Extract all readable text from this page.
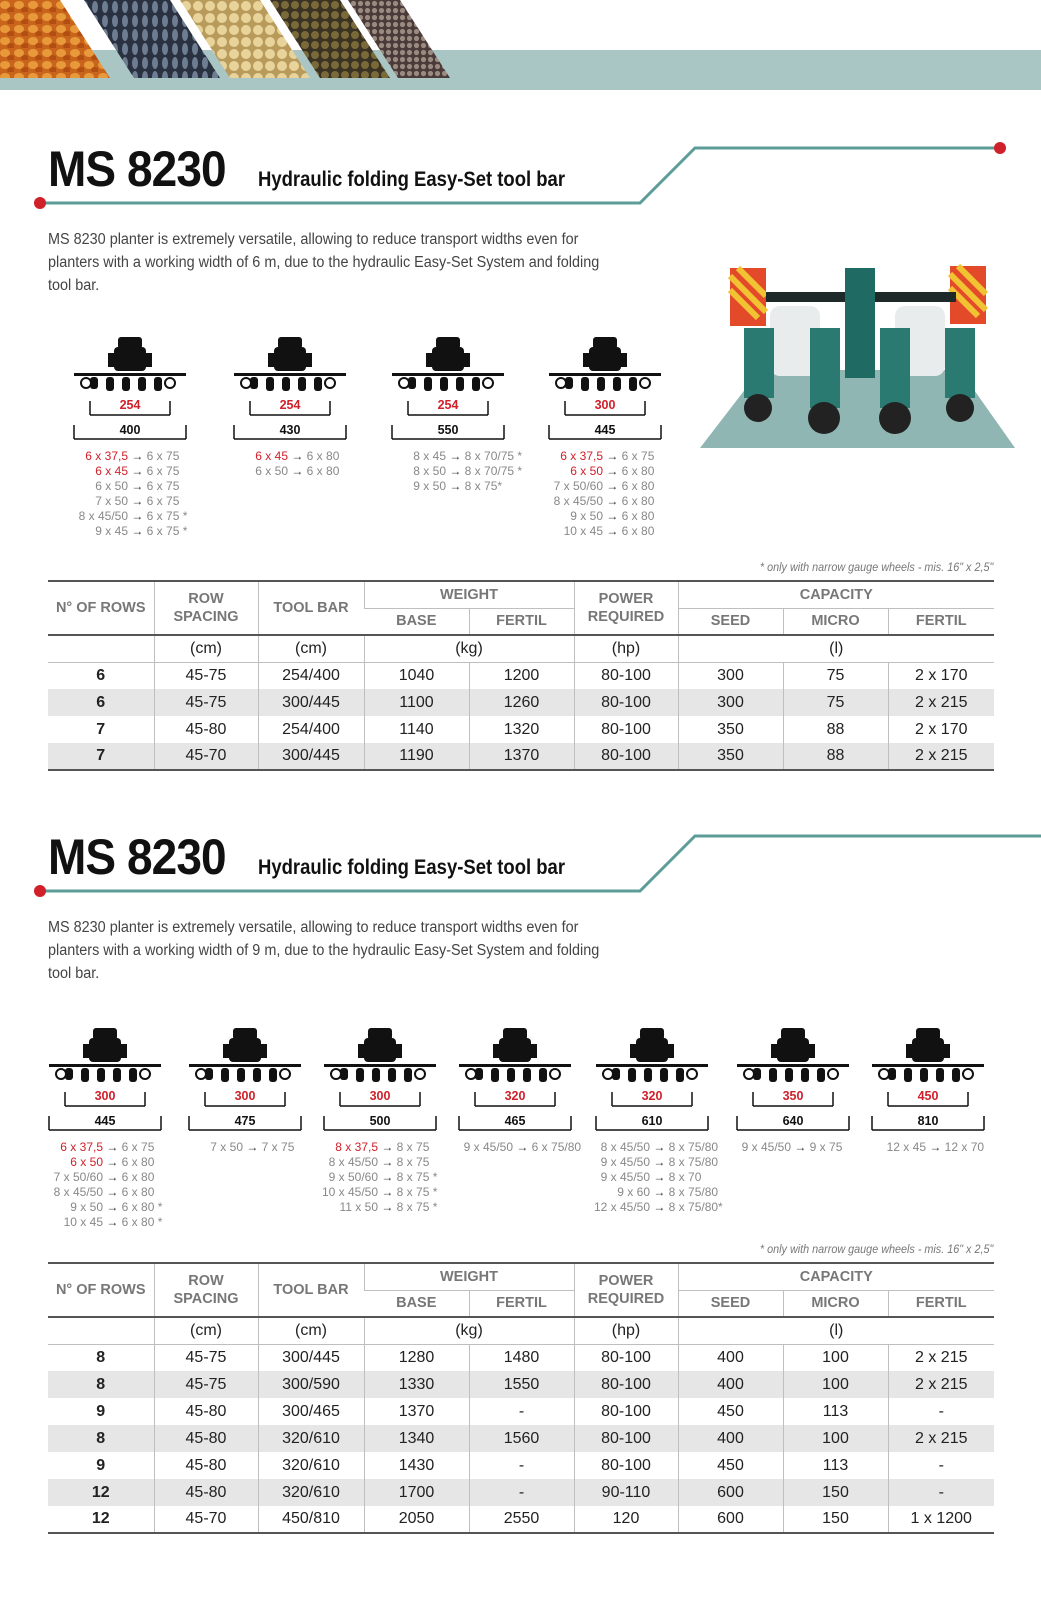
MS 8230 Hydraulic folding Easy-Set tool bar
MS 8230 planter is extremely versatile, allowing to reduce transport widths even for planters with a working width of 6 m, due to the hydraulic Easy-Set System and folding tool bar.
* only with narrow gauge wheels - mis. 16" x 2,5"
N° OF ROWS	ROW SPACING	TOOL BAR	WEIGHT		POWER REQUIRED	CAPACITY		
			BASE	FERTIL		SEED	MICRO	FERTIL
	(cm)	(cm)	(kg)		(hp)	(l)		
6	45-75	254/400	1040	1200	80-100	300	75	2 x 170
6	45-75	300/445	1100	1260	80-100	300	75	2 x 215
7	45-80	254/400	1140	1320	80-100	350	88	2 x 170
7	45-70	300/445	1190	1370	80-100	350	88	2 x 215
254
400
6 x 37,5 → 6 x 75
6 x 45 → 6 x 75
6 x 50 → 6 x 75
7 x 50 → 6 x 75
8 x 45/50 → 6 x 75 *
9 x 45 → 6 x 75 *
254
430
6 x 45 → 6 x 80
6 x 50 → 6 x 80
254
550
8 x 45 → 8 x 70/75 *
8 x 50 → 8 x 70/75 *
9 x 50 → 8 x 75*
300
445
6 x 37,5 → 6 x 75
6 x 50 → 6 x 80
7 x 50/60 → 6 x 80
8 x 45/50 → 6 x 80
9 x 50 → 6 x 80
10 x 45 → 6 x 80
MS 8230 Hydraulic folding Easy-Set tool bar
MS 8230 planter is extremely versatile, allowing to reduce transport widths even for planters with a working width of 9 m, due to the hydraulic Easy-Set System and folding tool bar.
* only with narrow gauge wheels - mis. 16" x 2,5"
N° OF ROWS	ROW SPACING	TOOL BAR	WEIGHT		POWER REQUIRED	CAPACITY		
			BASE	FERTIL		SEED	MICRO	FERTIL
	(cm)	(cm)	(kg)		(hp)	(l)		
8	45-75	300/445	1280	1480	80-100	400	100	2 x 215
8	45-75	300/590	1330	1550	80-100	400	100	2 x 215
9	45-80	300/465	1370	-	80-100	450	113	-
8	45-80	320/610	1340	1560	80-100	400	100	2 x 215
9	45-80	320/610	1430	-	80-100	450	113	-
12	45-80	320/610	1700	-	90-110	600	150	-
12	45-70	450/810	2050	2550	120	600	150	1 x 1200
300
445
6 x 37,5 → 6 x 75
6 x 50 → 6 x 80
7 x 50/60 → 6 x 80
8 x 45/50 → 6 x 80
9 x 50 → 6 x 80 *
10 x 45 → 6 x 80 *
300
475
7 x 50 → 7 x 75
300
500
8 x 37,5 → 8 x 75
8 x 45/50 → 8 x 75
9 x 50/60 → 8 x 75 *
10 x 45/50 → 8 x 75 *
11 x 50 → 8 x 75 *
320
465
9 x 45/50 → 6 x 75/80
320
610
8 x 45/50 → 8 x 75/80
9 x 45/50 → 8 x 75/80
9 x 45/50 → 8 x 70
9 x 60 → 8 x 75/80
12 x 45/50 → 8 x 75/80*
350
640
9 x 45/50 → 9 x 75
450
810
12 x 45 → 12 x 70
